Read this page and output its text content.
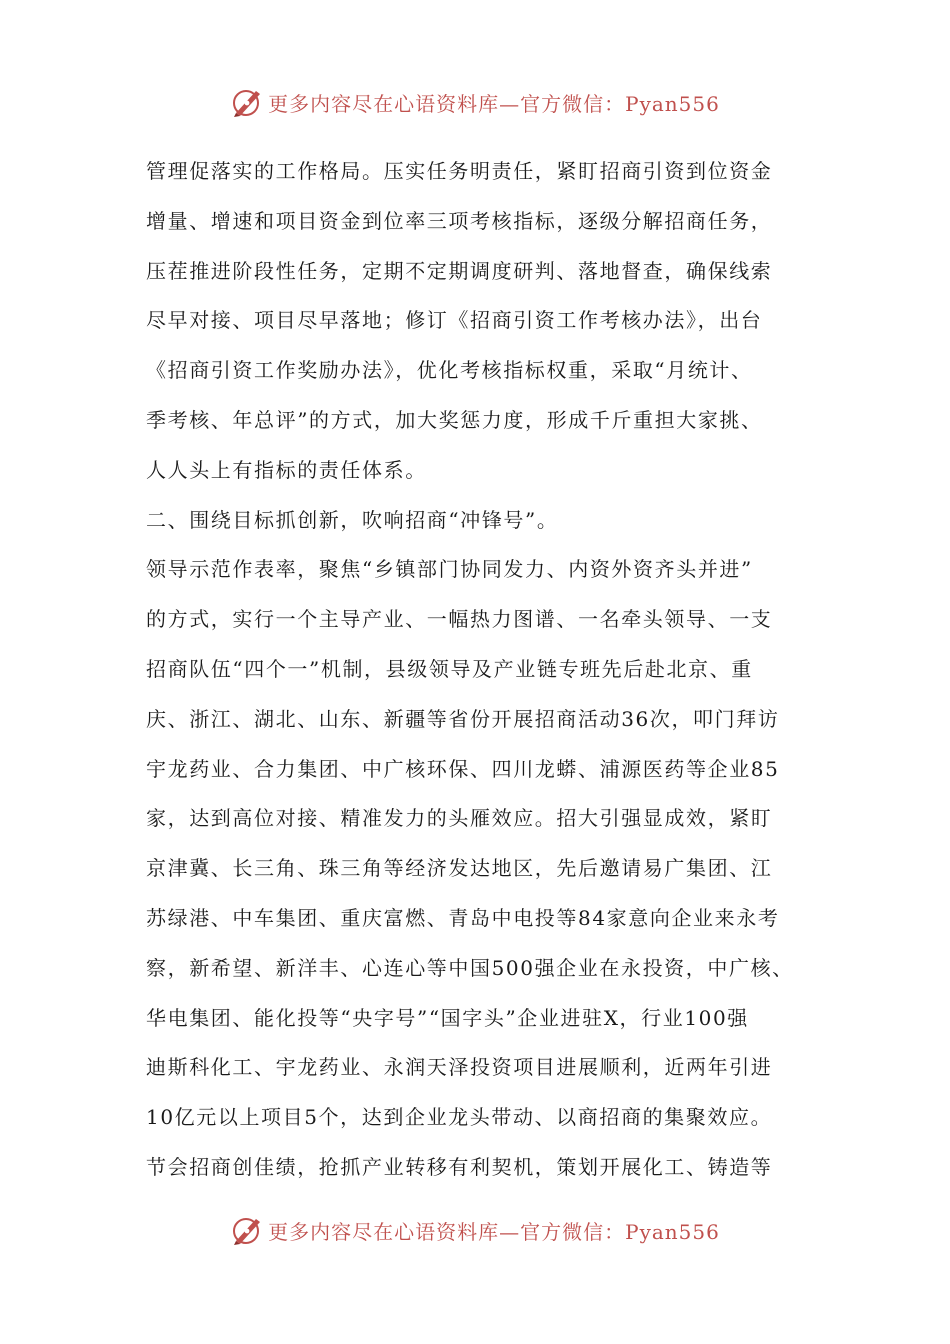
更多内容尽在心语资料库—官方微信：Pyan556
管理促落实的工作格局。压实任务明责任，紧盯招商引资到位资金
增量、增速和项目资金到位率三项考核指标，逐级分解招商任务，
压茬推进阶段性任务，定期不定期调度研判、落地督查，确保线索
尽早对接、项目尽早落地；修订《招商引资工作考核办法》，出台
《招商引资工作奖励办法》，优化考核指标权重，采取“月统计、
季考核、年总评”的方式，加大奖惩力度，形成千斤重担大家挑、
人人头上有指标的责任体系。
二、围绕目标抓创新，吹响招商“冲锋号”。
领导示范作表率，聚焦“乡镇部门协同发力、内资外资齐头并进”
的方式，实行一个主导产业、一幅热力图谱、一名牵头领导、一支
招商队伍“四个一”机制，县级领导及产业链专班先后赴北京、重
庆、浙江、湖北、山东、新疆等省份开展招商活动36次，叩门拜访
宇龙药业、合力集团、中广核环保、四川龙蟒、浦源医药等企业85
家，达到高位对接、精准发力的头雁效应。招大引强显成效，紧盯
京津冀、长三角、珠三角等经济发达地区，先后邀请易广集团、江
苏绿港、中车集团、重庆富燃、青岛中电投等84家意向企业来永考
察，新希望、新洋丰、心连心等中国500强企业在永投资，中广核、
华电集团、能化投等“央字号”“国字头”企业进驻X，行业100强
迪斯科化工、宇龙药业、永润天泽投资项目进展顺利，近两年引进
10亿元以上项目5个，达到企业龙头带动、以商招商的集聚效应。
节会招商创佳绩，抢抓产业转移有利契机，策划开展化工、铸造等
更多内容尽在心语资料库—官方微信：Pyan556
